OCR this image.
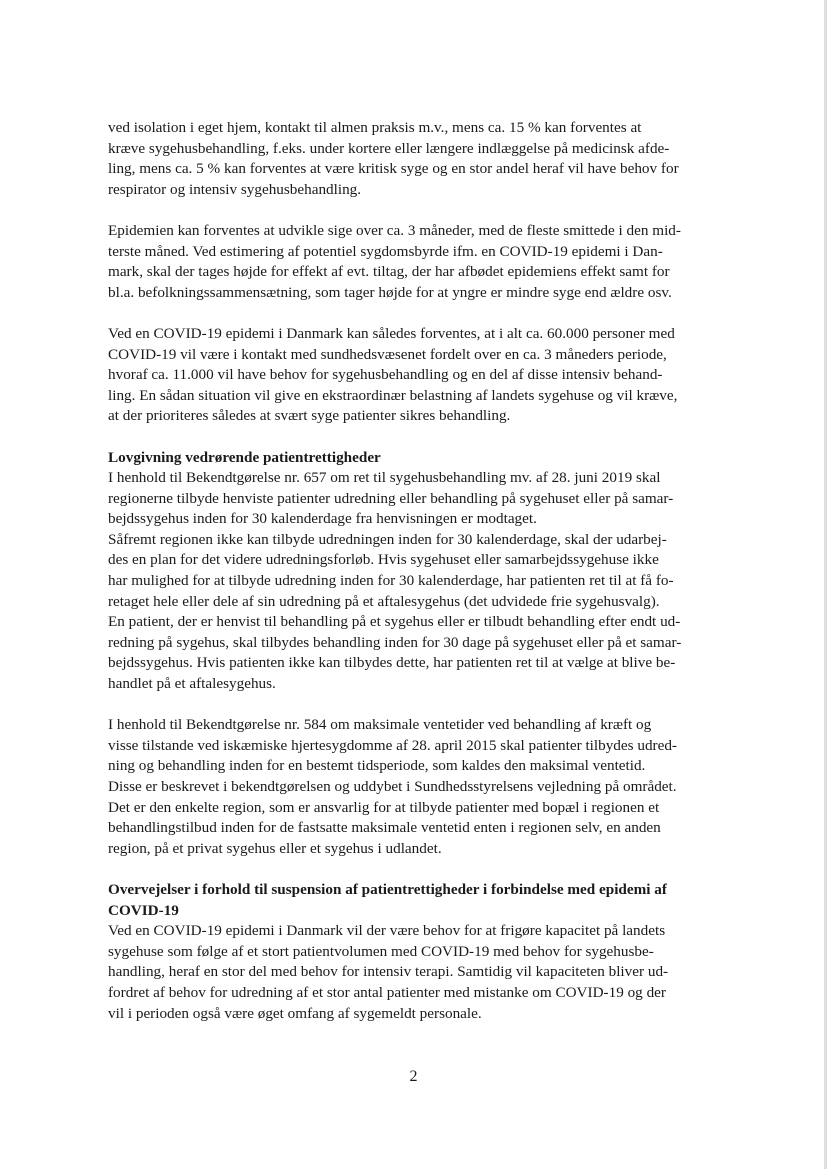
ved isolation i eget hjem, kontakt til almen praksis m.v., mens ca. 15 % kan forventes at
kræve sygehusbehandling, f.eks. under kortere eller længere indlæggelse på medicinsk afde-
ling, mens ca. 5 % kan forventes at være kritisk syge og en stor andel heraf vil have behov for
respirator og intensiv sygehusbehandling.

Epidemien kan forventes at udvikle sige over ca. 3 måneder, med de fleste smittede i den mid-
terste måned. Ved estimering af potentiel sygdomsbyrde ifm. en COVID-19 epidemi i Dan-
mark, skal der tages højde for effekt af evt. tiltag, der har afbødet epidemiens effekt samt for
bl.a. befolkningssammensætning, som tager højde for at yngre er mindre syge end ældre osv.

Ved en COVID-19 epidemi i Danmark kan således forventes, at i alt ca. 60.000 personer med
COVID-19 vil være i kontakt med sundhedsvæsenet fordelt over en ca. 3 måneders periode,
hvoraf ca. 11.000 vil have behov for sygehusbehandling og en del af disse intensiv behand-
ling. En sådan situation vil give en ekstraordinær belastning af landets sygehuse og vil kræve,
at der prioriteres således at svært syge patienter sikres behandling.

Lovgivning vedrørende patientrettigheder
I henhold til Bekendtgørelse nr. 657 om ret til sygehusbehandling mv. af 28. juni 2019 skal
regionerne tilbyde henviste patienter udredning eller behandling på sygehuset eller på samar-
bejdssygehus inden for 30 kalenderdage fra henvisningen er modtaget.
Såfremt regionen ikke kan tilbyde udredningen inden for 30 kalenderdage, skal der udarbej-
des en plan for det videre udredningsforløb. Hvis sygehuset eller samarbejdssygehuse ikke
har mulighed for at tilbyde udredning inden for 30 kalenderdage, har patienten ret til at få fo-
retaget hele eller dele af sin udredning på et aftalesygehus (det udvidede frie sygehusvalg).
En patient, der er henvist til behandling på et sygehus eller er tilbudt behandling efter endt ud-
redning på sygehus, skal tilbydes behandling inden for 30 dage på sygehuset eller på et samar-
bejdssygehus. Hvis patienten ikke kan tilbydes dette, har patienten ret til at vælge at blive be-
handlet på et aftalesygehus.

I henhold til Bekendtgørelse nr. 584 om maksimale ventetider ved behandling af kræft og
visse tilstande ved iskæmiske hjertesygdomme af 28. april 2015 skal patienter tilbydes udred-
ning og behandling inden for en bestemt tidsperiode, som kaldes den maksimal ventetid.
Disse er beskrevet i bekendtgørelsen og uddybet i Sundhedsstyrelsens vejledning på området.
Det er den enkelte region, som er ansvarlig for at tilbyde patienter med bopæl i regionen et
behandlingstilbud inden for de fastsatte maksimale ventetid enten i regionen selv, en anden
region, på et privat sygehus eller et sygehus i udlandet.

Overvejelser i forhold til suspension af patientrettigheder i forbindelse med epidemi af
COVID-19
Ved en COVID-19 epidemi i Danmark vil der være behov for at frigøre kapacitet på landets
sygehuse som følge af et stort patientvolumen med COVID-19 med behov for sygehusbe-
handling, heraf en stor del med behov for intensiv terapi. Samtidig vil kapaciteten bliver ud-
fordret af behov for udredning af et stor antal patienter med mistanke om COVID-19 og der
vil i perioden også være øget omfang af sygemeldt personale.

2
